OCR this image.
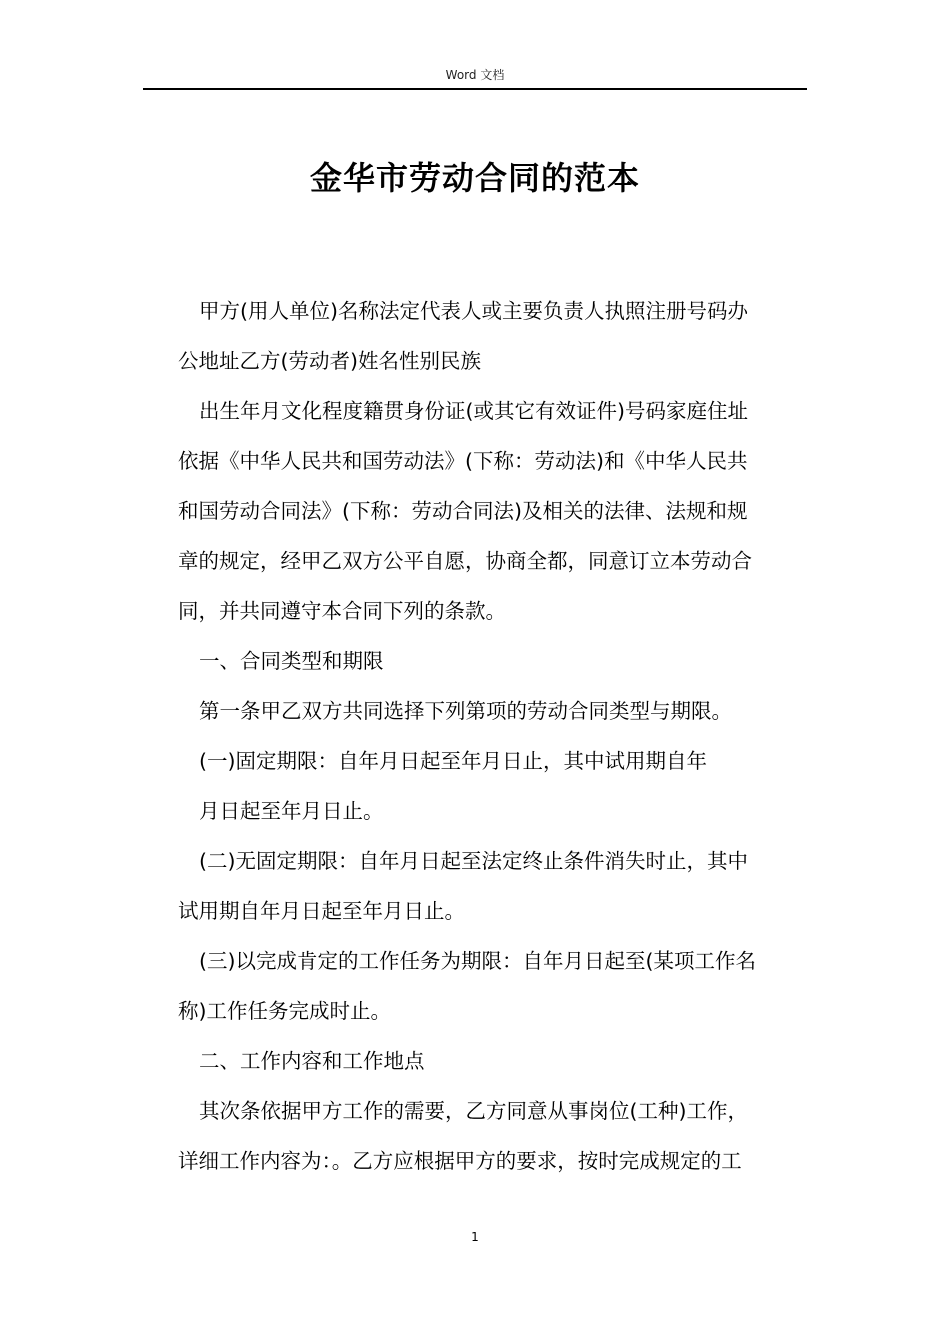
Word 文档
金华市劳动合同的范本
甲方(用人单位)名称法定代表人或主要负责人执照注册号码办
公地址乙方(劳动者)姓名性别民族
出生年月文化程度籍贯身份证(或其它有效证件)号码家庭住址
依据《中华人民共和国劳动法》(下称：劳动法)和《中华人民共
和国劳动合同法》(下称：劳动合同法)及相关的法律、法规和规
章的规定，经甲乙双方公平自愿，协商全都，同意订立本劳动合
同，并共同遵守本合同下列的条款。
一、合同类型和期限
第一条甲乙双方共同选择下列第项的劳动合同类型与期限。
(一)固定期限：自年月日起至年月日止，其中试用期自年
月日起至年月日止。
(二)无固定期限：自年月日起至法定终止条件消失时止，其中
试用期自年月日起至年月日止。
(三)以完成肯定的工作任务为期限：自年月日起至(某项工作名
称)工作任务完成时止。
二、工作内容和工作地点
其次条依据甲方工作的需要，乙方同意从事岗位(工种)工作，
详细工作内容为：。乙方应根据甲方的要求，按时完成规定的工
1
